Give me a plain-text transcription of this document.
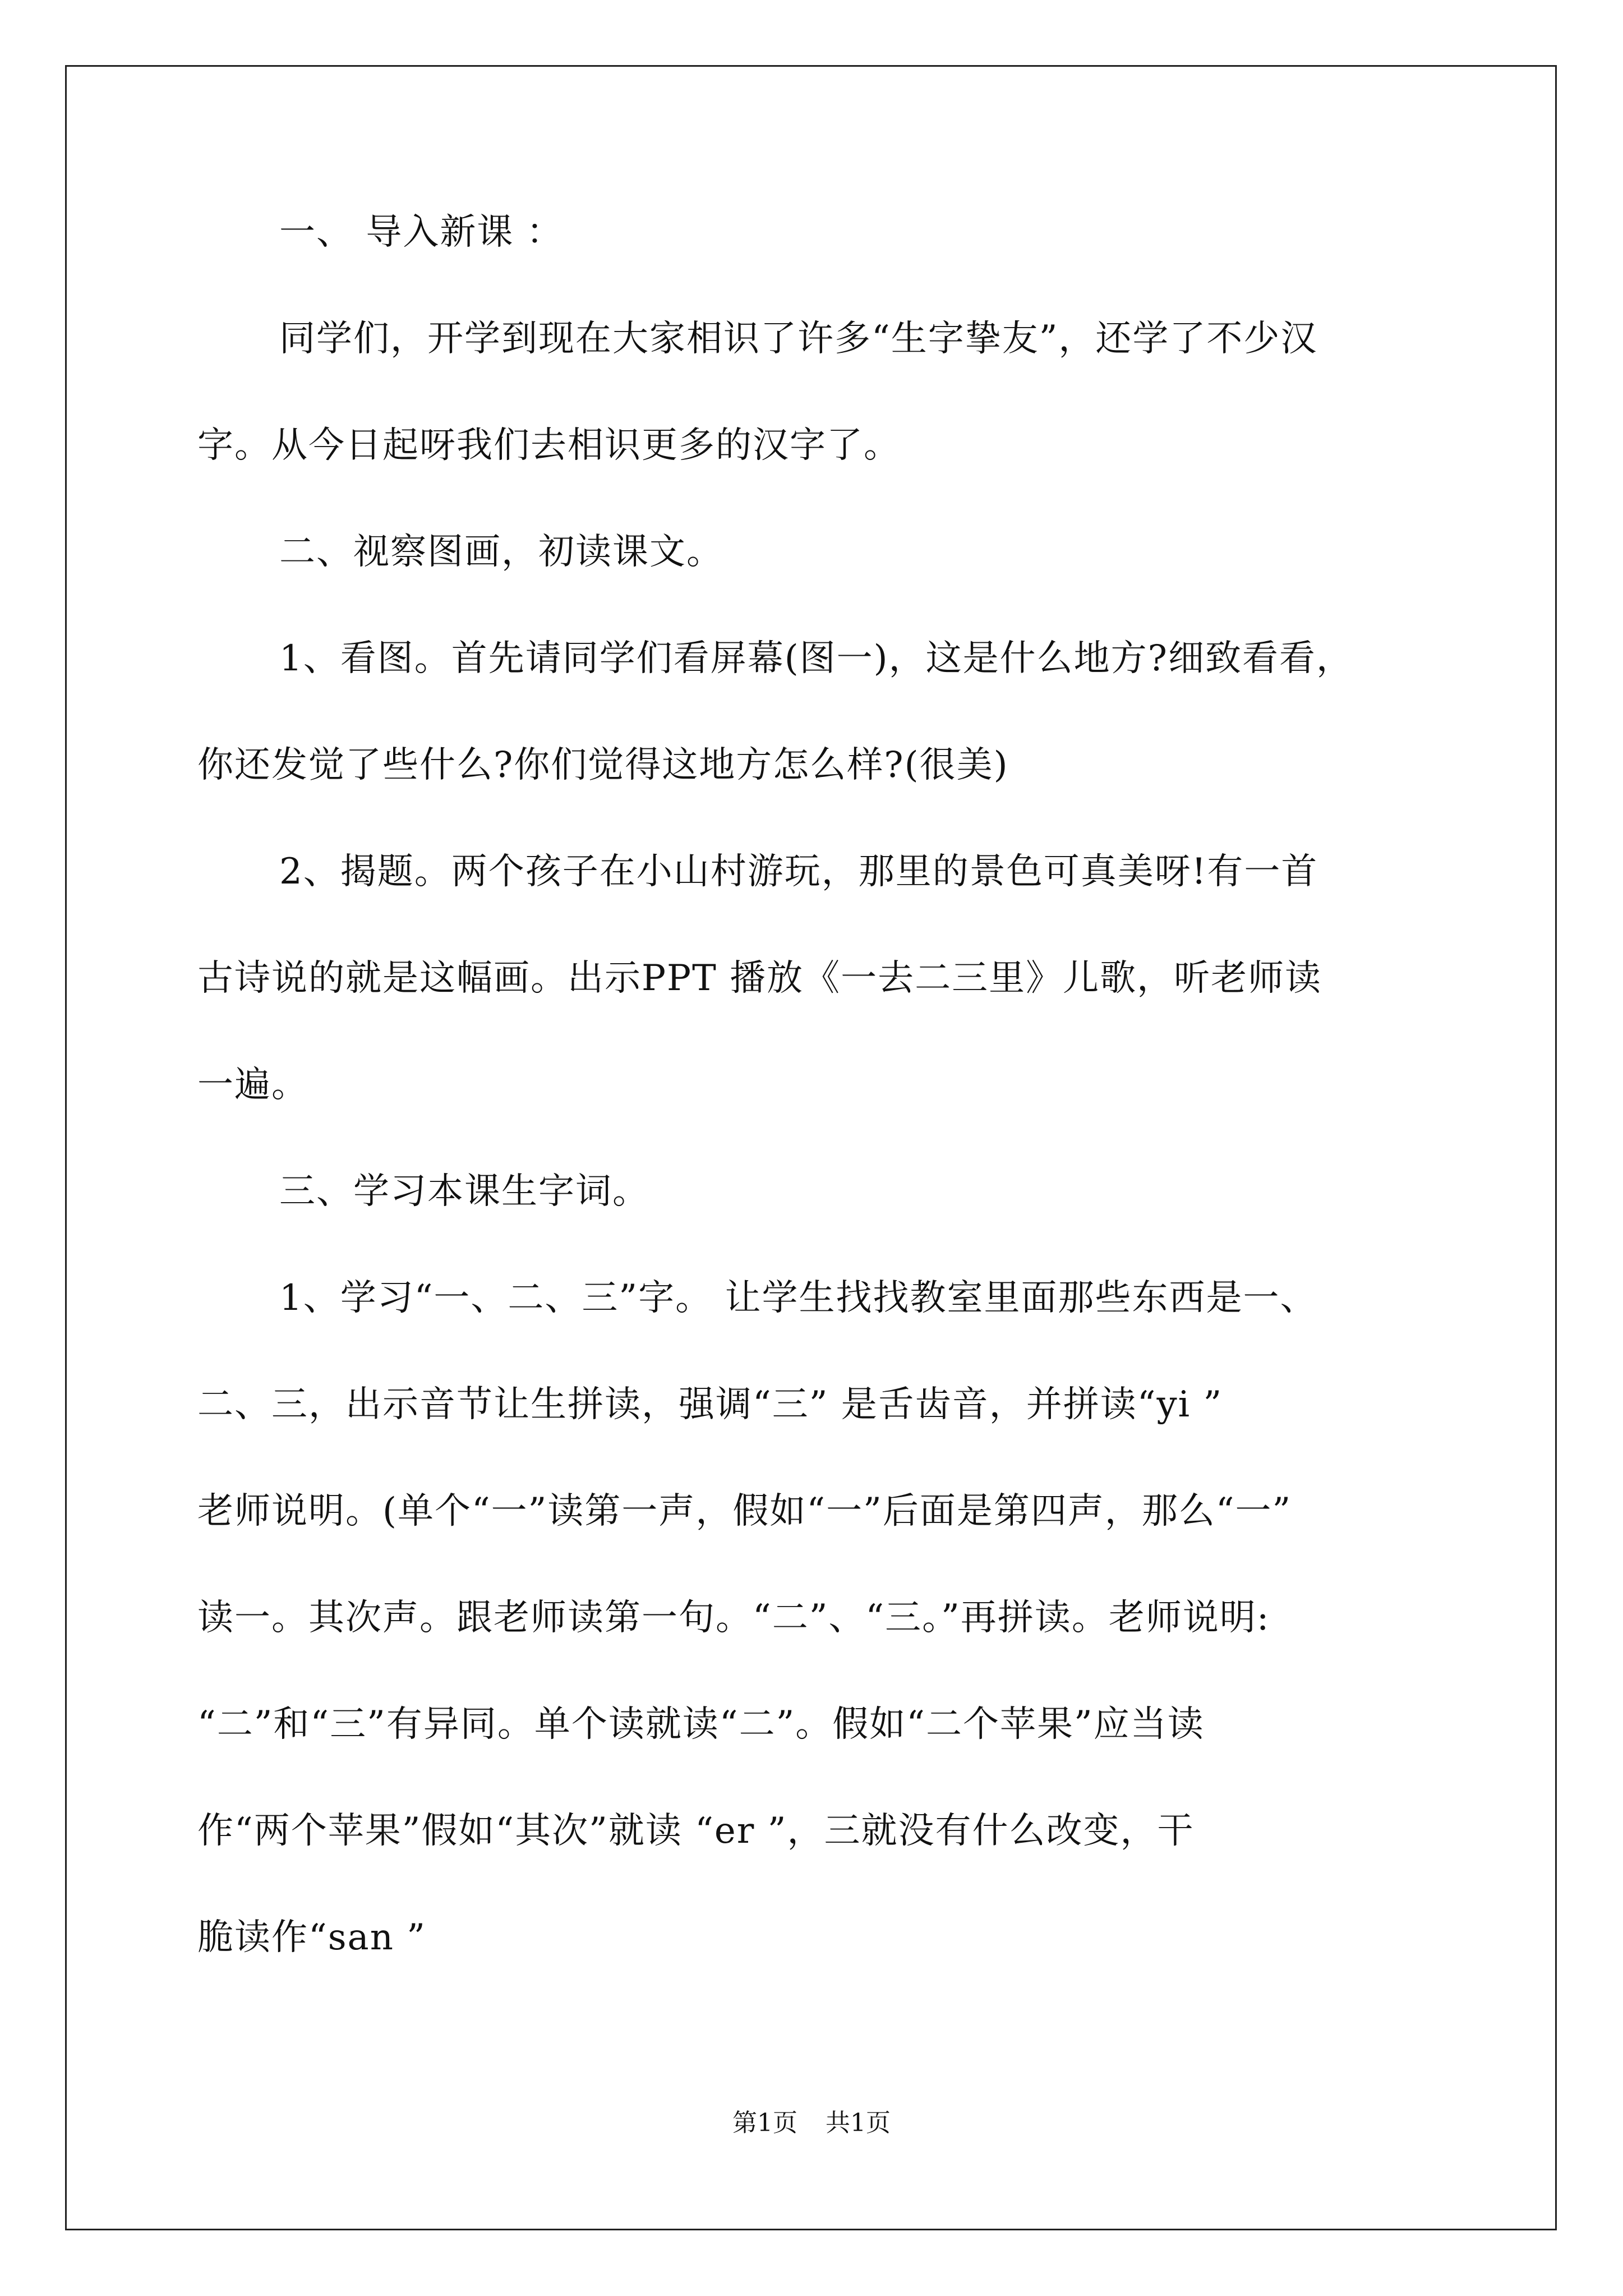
一、 导入新课 ：
同学们，开学到现在大家相识了许多“生字挚友”，还学了不少汉
字。从今日起呀我们去相识更多的汉字了。
二、视察图画，初读课文。
1、看图。首先请同学们看屏幕(图一)，这是什么地方?细致看看，
你还发觉了些什么?你们觉得这地方怎么样?(很美)
2、揭题。两个孩子在小山村游玩，那里的景色可真美呀!有一首
古诗说的就是这幅画。出示PPT 播放《一去二三里》儿歌，听老师读
一遍。
三、学习本课生字词。
1、学习“一、二、三”字。 让学生找找教室里面那些东西是一、
二、三，出示音节让生拼读，强调“三” 是舌齿音，并拼读“yi ”
老师说明。(单个“一”读第一声，假如“一”后面是第四声，那么“一”
读一。其次声。跟老师读第一句。“二”、“三。”再拼读。老师说明:
“二”和“三”有异同。单个读就读“二”。假如“二个苹果”应当读
作“两个苹果”假如“其次”就读 “er ”，三就没有什么改变，干
脆读作“san ”
第1页 共1页
